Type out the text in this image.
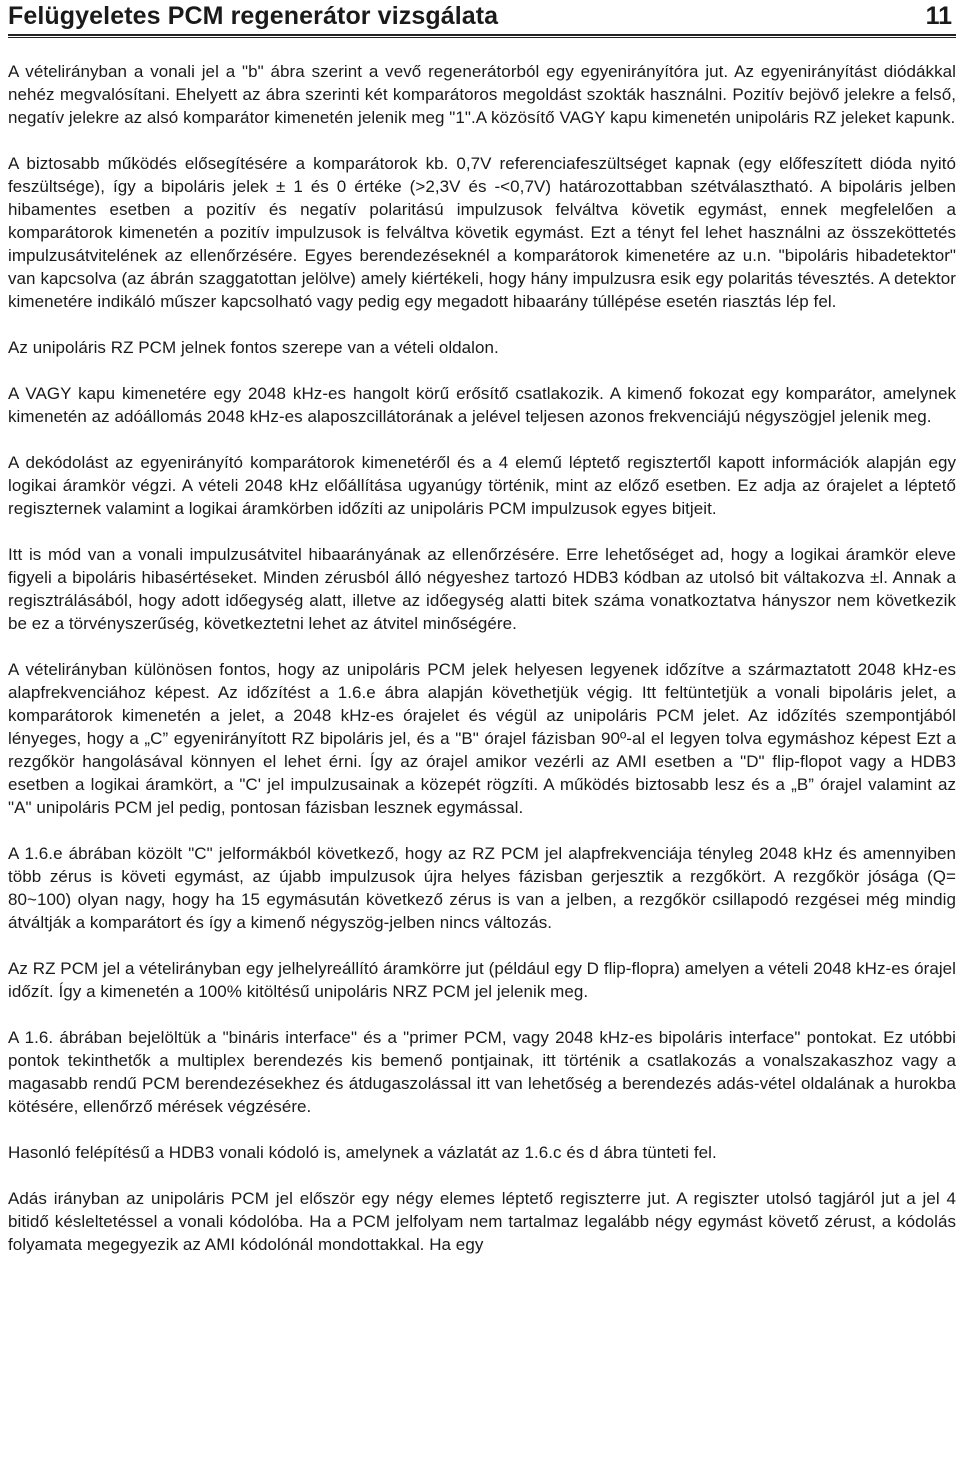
Felügyeletes PCM regenerátor vizsgálata	11

A vételirányban a vonali jel a "b" ábra szerint a vevő regenerátorból egy egyenirányítóra jut. Az egyenirányítást diódákkal nehéz megvalósítani. Ehelyett az ábra szerinti két komparátoros megoldást szokták használni. Pozitív bejövő jelekre a felső, negatív jelekre az alsó komparátor kimenetén jelenik meg "1".A közösítő VAGY kapu kimenetén unipoláris RZ jeleket kapunk.

A biztosabb működés elősegítésére a komparátorok kb. 0,7V referenciafeszültséget kapnak (egy előfeszített dióda nyitó feszültsége), így a bipoláris jelek ± 1 és 0 értéke (>2,3V és -<0,7V) határozottabban szétválasztható. A bipoláris jelben hibamentes esetben a pozitív és negatív polaritású impulzusok felváltva követik egymást, ennek megfelelően a komparátorok kimenetén a pozitív impulzusok is felváltva követik egymást. Ezt a tényt fel lehet használni az összeköttetés impulzusátvitelének az ellenőrzésére. Egyes berendezéseknél a komparátorok kimenetére az u.n. "bipoláris hibadetektor" van kapcsolva (az ábrán szaggatottan jelölve) amely kiértékeli, hogy hány impulzusra esik egy polaritás tévesztés. A detektor kimenetére indikáló műszer kapcsolható vagy pedig egy megadott hibaarány túllépése esetén riasztás lép fel.

Az unipoláris RZ PCM jelnek fontos szerepe van a vételi oldalon.

A VAGY kapu kimenetére egy 2048 kHz-es hangolt körű erősítő csatlakozik. A kimenő fokozat egy komparátor, amelynek kimenetén az adóállomás 2048 kHz-es alaposzcillátorának a jelével teljesen azonos frekvenciájú négyszögjel jelenik meg.

A dekódolást az egyenirányító komparátorok kimenetéről és a 4 elemű léptető regisztertől kapott információk alapján egy logikai áramkör végzi. A vételi 2048 kHz előállítása ugyanúgy történik, mint az előző esetben. Ez adja az órajelet a léptető regiszternek valamint a logikai áramkörben időzíti az unipoláris PCM impulzusok egyes bitjeit.

Itt is mód van a vonali impulzusátvitel hibaarányának az ellenőrzésére. Erre lehetőséget ad, hogy a logikai áramkör eleve figyeli a bipoláris hibasértéseket. Minden zérusból álló négyeshez tartozó HDB3 kódban az utolsó bit váltakozva ±l. Annak a regisztrálásából, hogy adott időegység alatt, illetve az időegység alatti bitek száma vonatkoztatva hányszor nem következik be ez a törvényszerűség, következtetni lehet az átvitel minőségére.

A vételirányban különösen fontos, hogy az unipoláris PCM jelek helyesen legyenek időzítve a származtatott 2048 kHz-es alapfrekvenciához képest. Az időzítést a 1.6.e ábra alapján követhetjük végig. Itt feltüntetjük a vonali bipoláris jelet, a komparátorok kimenetén a jelet, a 2048 kHz-es órajelet és végül az unipoláris PCM jelet. Az időzítés szempontjából lényeges, hogy a „C” egyenirányított RZ bipoláris jel, és a "B" órajel fázisban 90º-al el legyen tolva egymáshoz képest Ezt a rezgőkör hangolásával könnyen el lehet érni. Így az órajel amikor vezérli az AMI esetben a "D" flip-flopot vagy a HDB3 esetben a logikai áramkört, a "C' jel impulzusainak a közepét rögzíti. A működés biztosabb lesz és a „B” órajel valamint az "A" unipoláris PCM jel pedig, pontosan fázisban lesznek egymással.

A 1.6.e ábrában közölt "C" jelformákból következő, hogy az RZ PCM jel alapfrekvenciája tényleg 2048 kHz és amennyiben több zérus is követi egymást, az újabb impulzusok újra helyes fázisban gerjesztik a rezgőkört. A rezgőkör jósága (Q= 80~100) olyan nagy, hogy ha 15 egymásután következő zérus is van a jelben, a rezgőkör csillapodó rezgései még mindig átváltják a komparátort és így a kimenő négyszög-jelben nincs változás.

Az RZ PCM jel a vételirányban egy jelhelyreállító áramkörre jut (például egy D flip-flopra) amelyen a vételi 2048 kHz-es órajel időzít. Így a kimenetén a 100% kitöltésű unipoláris NRZ PCM jel jelenik meg.

A 1.6. ábrában bejelöltük a "bináris interface" és a "primer PCM, vagy 2048 kHz-es bipoláris interface" pontokat. Ez utóbbi pontok tekinthetők a multiplex berendezés kis bemenő pontjainak, itt történik a csatlakozás a vonalszakaszhoz vagy a magasabb rendű PCM berendezésekhez és átdugaszolással itt van lehetőség a berendezés adás-vétel oldalának a hurokba kötésére, ellenőrző mérések végzésére.

Hasonló felépítésű a HDB3 vonali kódoló is, amelynek a vázlatát az 1.6.c és d ábra tünteti fel.

Adás irányban az unipoláris PCM jel először egy négy elemes léptető regiszterre jut. A regiszter utolsó tagjáról jut a jel 4 bitidő késleltetéssel a vonali kódolóba. Ha a PCM jelfolyam nem tartalmaz legalább négy egymást követő zérust, a kódolás folyamata megegyezik az AMI kódolónál mondottakkal. Ha egy
